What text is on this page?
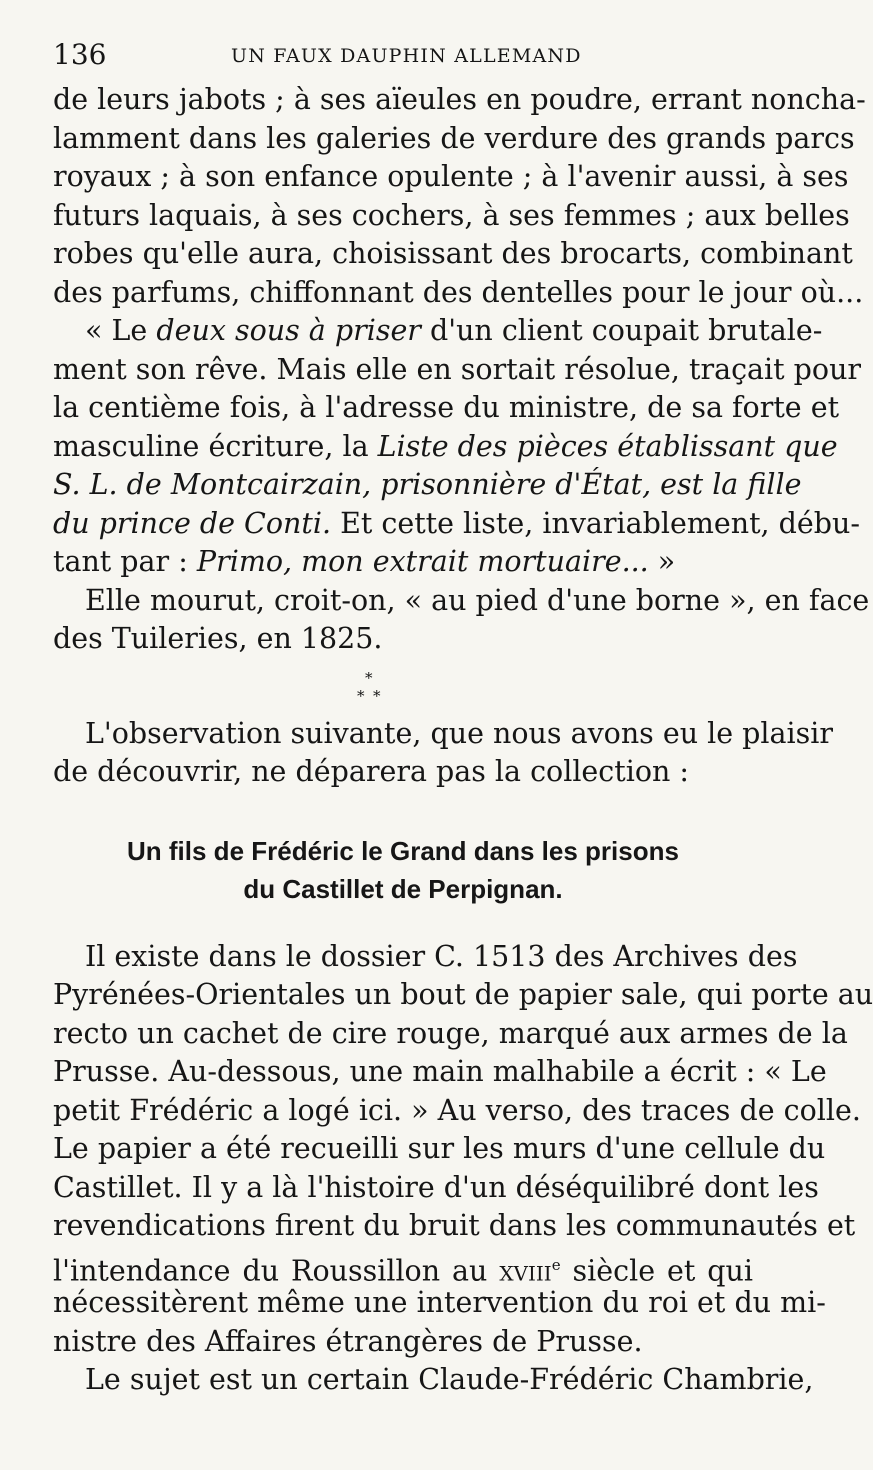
136	UN FAUX DAUPHIN ALLEMAND
de leurs jabots ; à ses aïeules en poudre, errant noncha-
lamment dans les galeries de verdure des grands parcs
royaux ; à son enfance opulente ; à l'avenir aussi, à ses
futurs laquais, à ses cochers, à ses femmes ; aux belles
robes qu'elle aura, choisissant des brocarts, combinant
des parfums, chiffonnant des dentelles pour le jour où...
« Le deux sous à priser d'un client coupait brutale-
ment son rêve. Mais elle en sortait résolue, traçait pour
la centième fois, à l'adresse du ministre, de sa forte et
masculine écriture, la Liste des pièces établissant que
S. L. de Montcairzain, prisonnière d'État, est la fille
du prince de Conti. Et cette liste, invariablement, débu-
tant par : Primo, mon extrait mortuaire... »
Elle mourut, croit-on, « au pied d'une borne », en face
des Tuileries, en 1825.
*
* *
L'observation suivante, que nous avons eu le plaisir
de découvrir, ne déparera pas la collection :
Un fils de Frédéric le Grand dans les prisons
du Castillet de Perpignan.
Il existe dans le dossier C. 1513 des Archives des
Pyrénées-Orientales un bout de papier sale, qui porte au
recto un cachet de cire rouge, marqué aux armes de la
Prusse. Au-dessous, une main malhabile a écrit : « Le
petit Frédéric a logé ici. » Au verso, des traces de colle.
Le papier a été recueilli sur les murs d'une cellule du
Castillet. Il y a là l'histoire d'un déséquilibré dont les
revendications firent du bruit dans les communautés et
l'intendance du Roussillon au xviii$^e$ siècle et qui
nécessitèrent même une intervention du roi et du mi-
nistre des Affaires étrangères de Prusse.
Le sujet est un certain Claude-Frédéric Chambrie,
